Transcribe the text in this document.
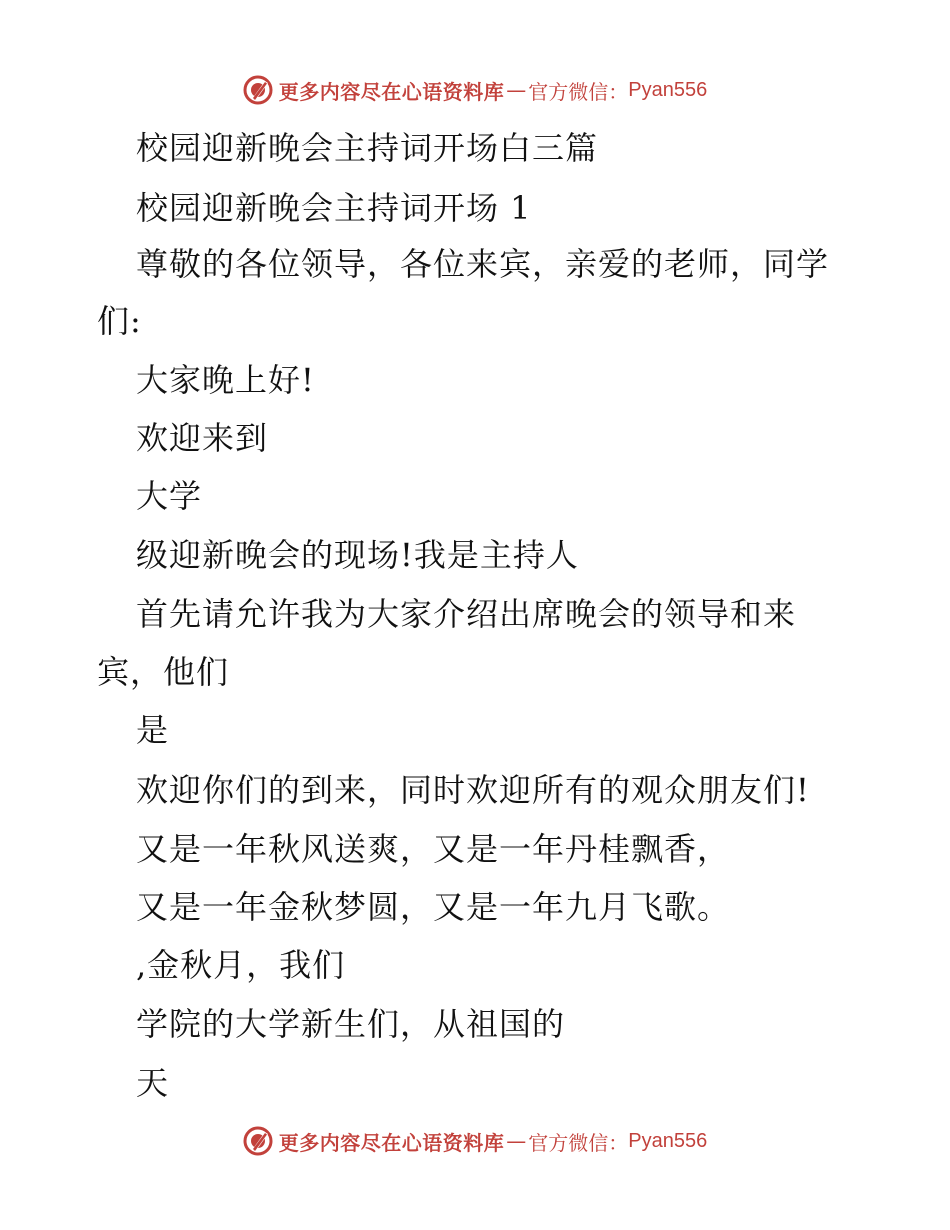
更多内容尽在心语资料库 — 官方微信： Pyan556
校园迎新晚会主持词开场白三篇
校园迎新晚会主持词开场 1
尊敬的各位领导，各位来宾，亲爱的老师，同学
们:
大家晚上好!
欢迎来到
大学
级迎新晚会的现场!我是主持人
首先请允许我为大家介绍出席晚会的领导和来
宾，他们
是
欢迎你们的到来，同时欢迎所有的观众朋友们!
又是一年秋风送爽，又是一年丹桂飘香，
又是一年金秋梦圆，又是一年九月飞歌。
,金秋月，我们
学院的大学新生们，从祖国的
天
更多内容尽在心语资料库 — 官方微信： Pyan556
